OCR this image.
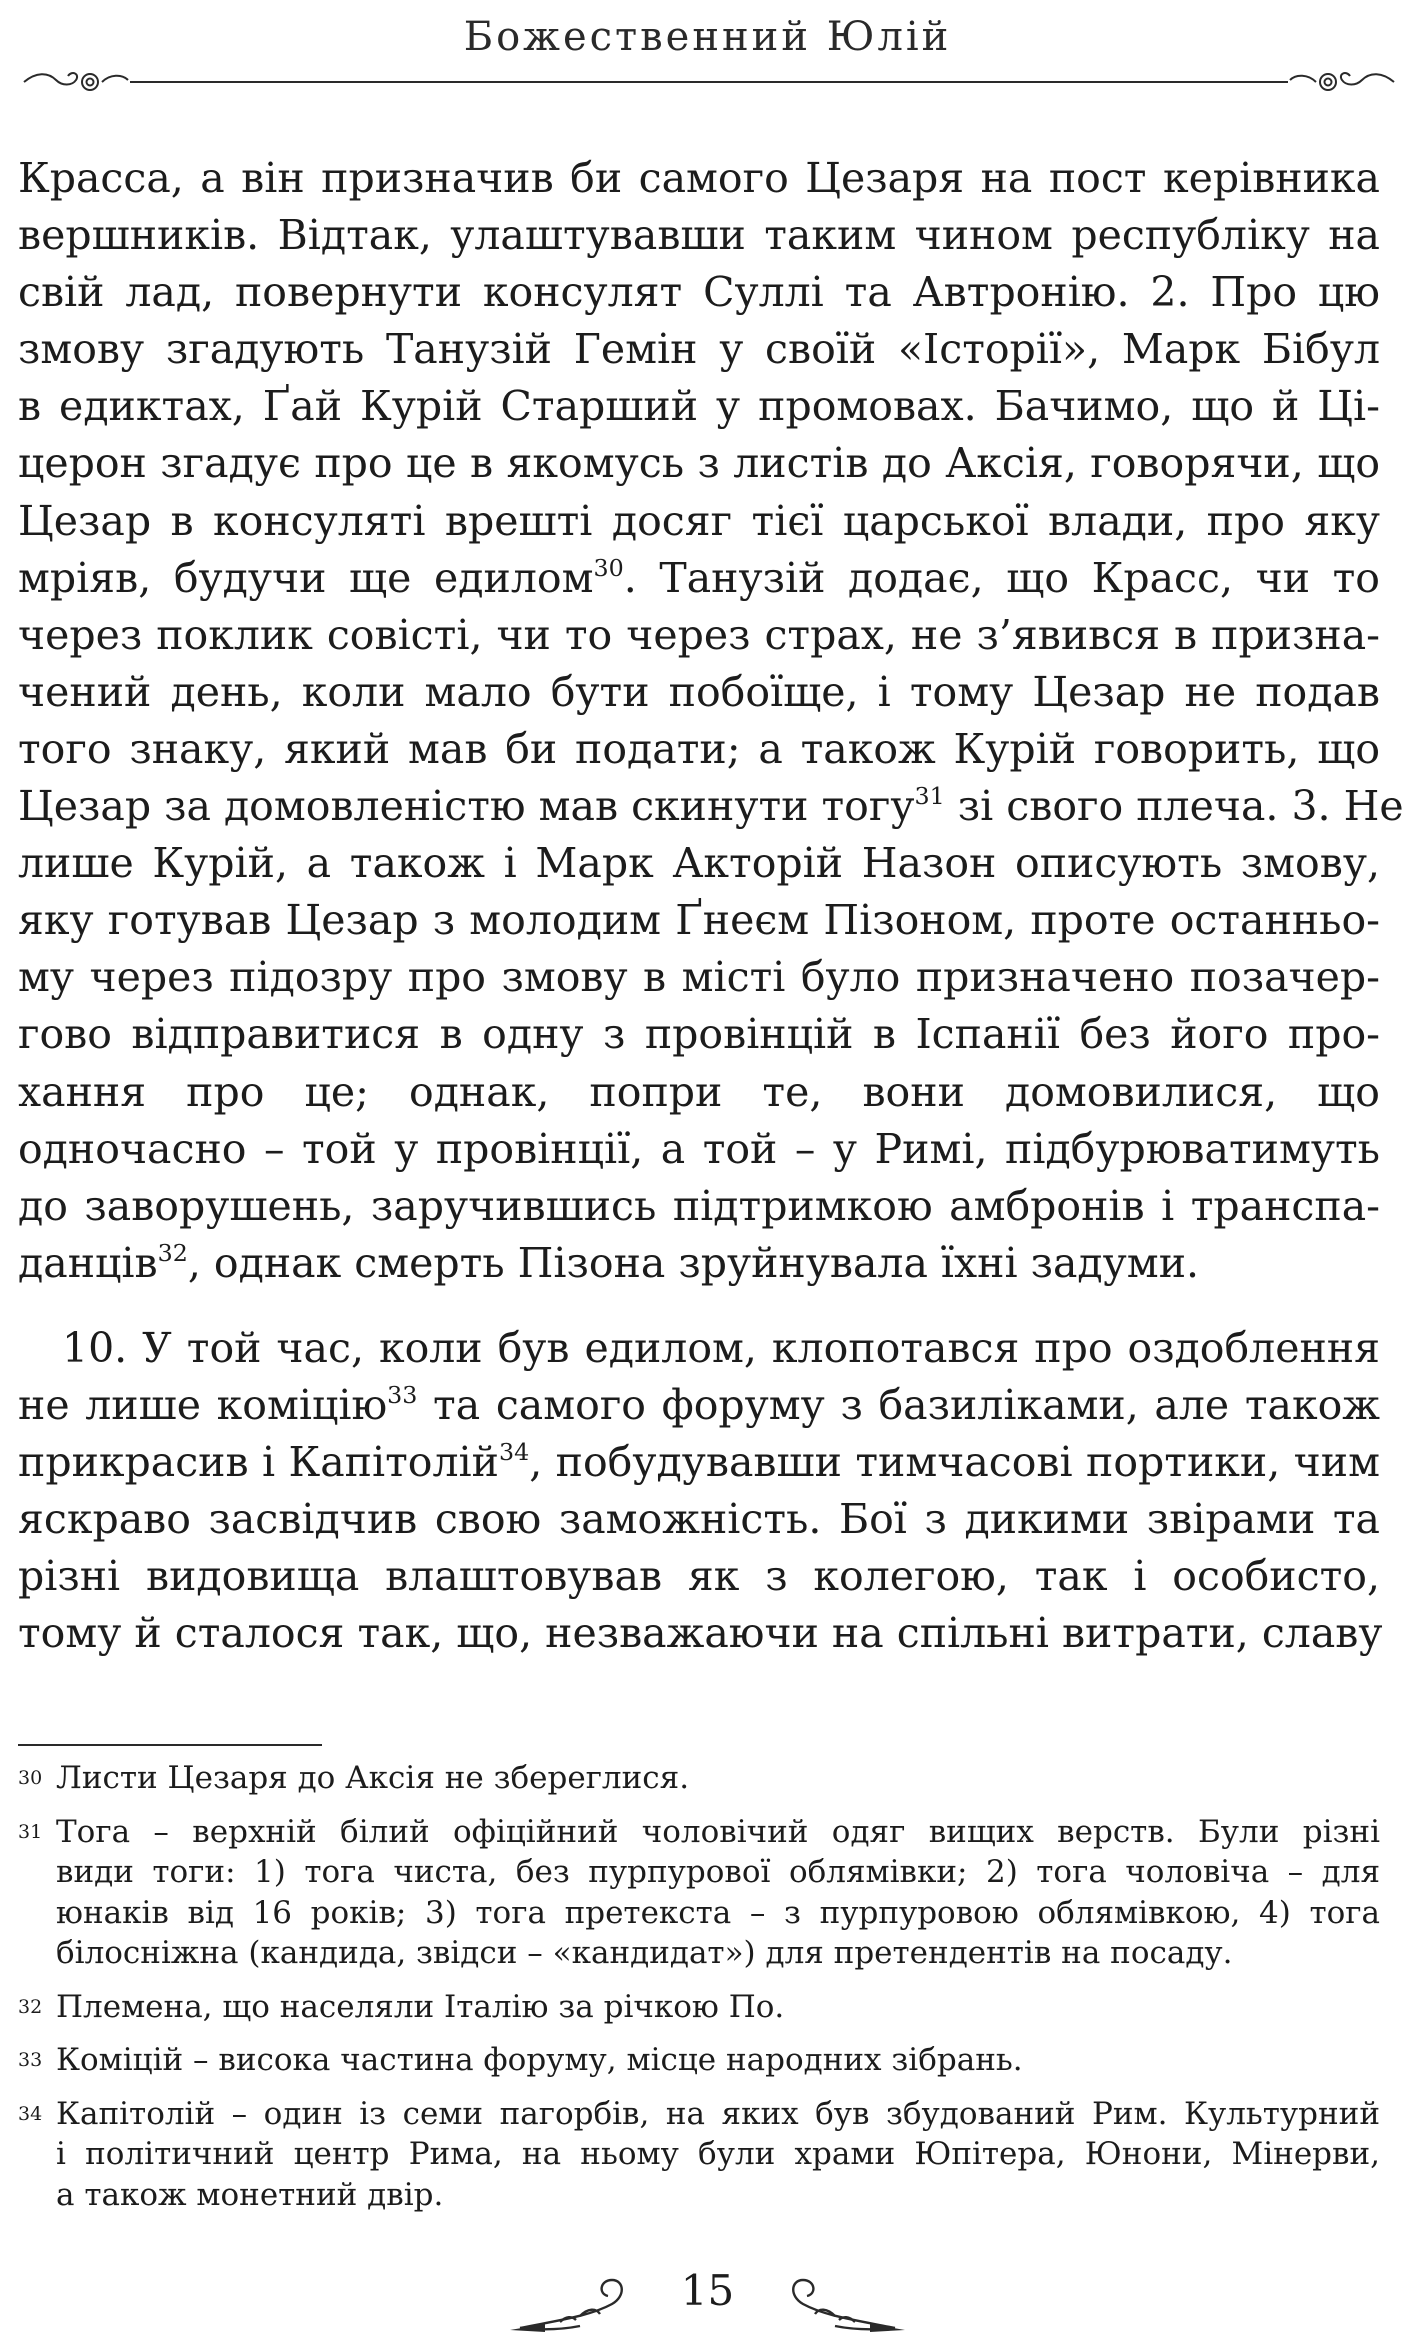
Божественний Юлій
Красса, а він призначив би самого Цезаря на пост керівника
вершників. Відтак, улаштувавши таким чином республіку на
свій лад, повернути консулят Суллі та Автронію. 2. Про цю
змову згадують Танузій Гемін у своїй «Історії», Марк Бібул
в едиктах, Ґай Курій Старший у промовах. Бачимо, що й Ці-
церон згадує про це в якомусь з листів до Аксія, говорячи, що
Цезар в консуляті врешті досяг тієї царської влади, про яку
мріяв, будучи ще едилом$^{30}$. Танузій додає, що Красс, чи то
через поклик совісті, чи то через страх, не з’явився в призна-
чений день, коли мало бути побоїще, і тому Цезар не подав
того знаку, який мав би подати; а також Курій говорить, що
Цезар за домовленістю мав скинути тогу$^{31}$ зі свого плеча. 3. Не
лише Курій, а також і Марк Акторій Назон описують змову,
яку готував Цезар з молодим Ґнеєм Пізоном, проте останньо-
му через підозру про змову в місті було призначено позачер-
гово відправитися в одну з провінцій в Іспанії без його про-
хання про це; однак, попри те, вони домовилися, що
одночасно – той у провінції, а той – у Римі, підбурюватимуть
до заворушень, заручившись підтримкою амбронів і транспа-
данців$^{32}$, однак смерть Пізона зруйнувала їхні задуми.
10. У той час, коли був едилом, клопотався про оздоблення
не лише коміцію$^{33}$ та самого форуму з базиліками, але також
прикрасив і Капітолій$^{34}$, побудувавши тимчасові портики, чим
яскраво засвідчив свою заможність. Бої з дикими звірами та
різні видовища влаштовував як з колегою, так і особисто,
тому й сталося так, що, незважаючи на спільні витрати, славу
30 Листи Цезаря до Аксія не збереглися.
31 Тога – верхній білий офіційний чоловічий одяг вищих верств. Були різні
види тоги: 1) тога чиста, без пурпурової облямівки; 2) тога чоловіча – для
юнаків від 16 років; 3) тога претекста – з пурпуровою облямівкою, 4) тога
білосніжна (кандида, звідси – «кандидат») для претендентів на посаду.
32 Племена, що населяли Італію за річкою По.
33 Коміцій – висока частина форуму, місце народних зібрань.
34 Капітолій – один із семи пагорбів, на яких був збудований Рим. Культурний
і політичний центр Рима, на ньому були храми Юпітера, Юнони, Мінерви,
а також монетний двір.
15
